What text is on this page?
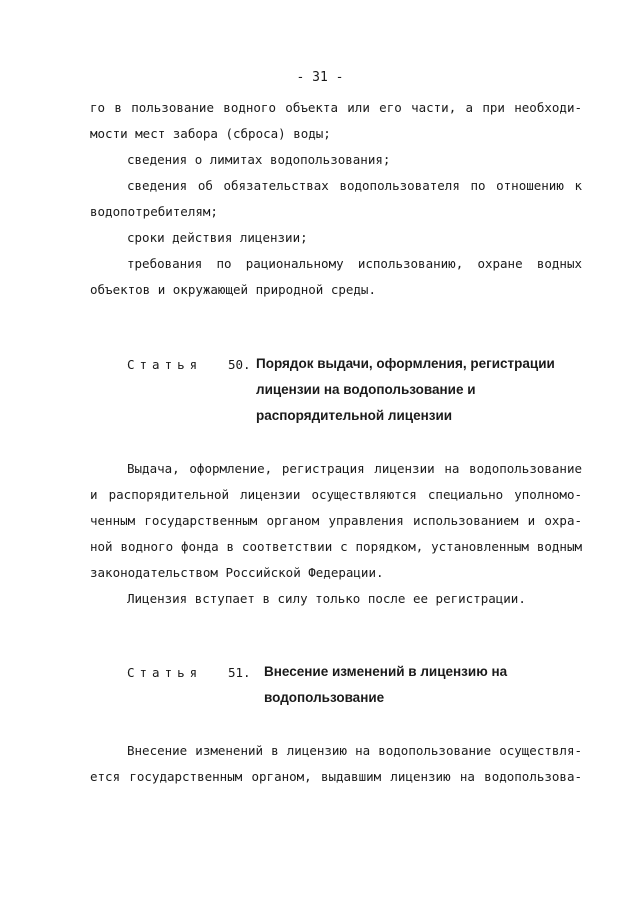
- 31 -
го в пользование водного объекта или его части, а при необходи-
мости мест забора (сброса) воды;
сведения о лимитах водопользования;
сведения об обязательствах водопользователя по отношению к
водопотребителям;
сроки действия лицензии;
требования по рациональному использованию, охране водных
объектов и окружающей природной среды.
Статья 50. Порядок выдачи, оформления, регистрации
лицензии на водопользование и
распорядительной лицензии
Выдача, оформление, регистрация лицензии на водопользование
и распорядительной лицензии осуществляются специально уполномо-
ченным государственным органом управления использованием и охра-
ной водного фонда в соответствии с порядком, установленным водным
законодательством Российской Федерации.
Лицензия вступает в силу только после ее регистрации.
Статья 51. Внесение изменений в лицензию на
водопользование
Внесение изменений в лицензию на водопользование осуществля-
ется государственным органом, выдавшим лицензию на водопользова-
